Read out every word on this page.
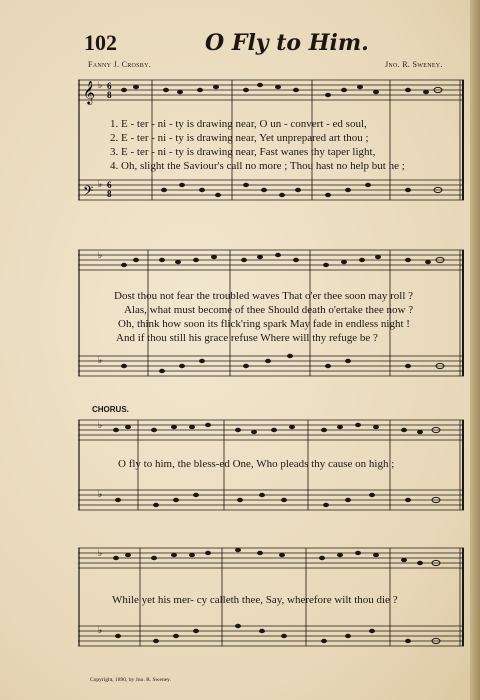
102	O Fly to Him.
Fanny J. Crosby.	Jno. R. Sweney.
𝄞
𝄢
♭
♭
6
8
6
8
1. E - ter - ni - ty is drawing near, O un - convert - ed soul,
2. E - ter - ni - ty is drawing near, Yet unprepared art thou ;
3. E - ter - ni - ty is drawing near, Fast wanes thy taper light,
4. Oh, slight the Saviour's call no more ; Thou hast no help but he ;
♭
♭
Dost thou not fear the troubled waves That o'er thee soon may roll ?
Alas, what must become of thee Should death o'ertake thee now ?
Oh, think how soon its flick'ring spark May fade in endless night !
And if thou still his grace refuse Where will thy refuge be ?
CHORUS.
♭
♭
O fly to him, the bless-ed One, Who pleads thy cause on high ;
♭
♭
While yet his mer- cy calleth thee, Say, wherefore wilt thou die ?
Copyright, 1890, by Jno. R. Sweney.
